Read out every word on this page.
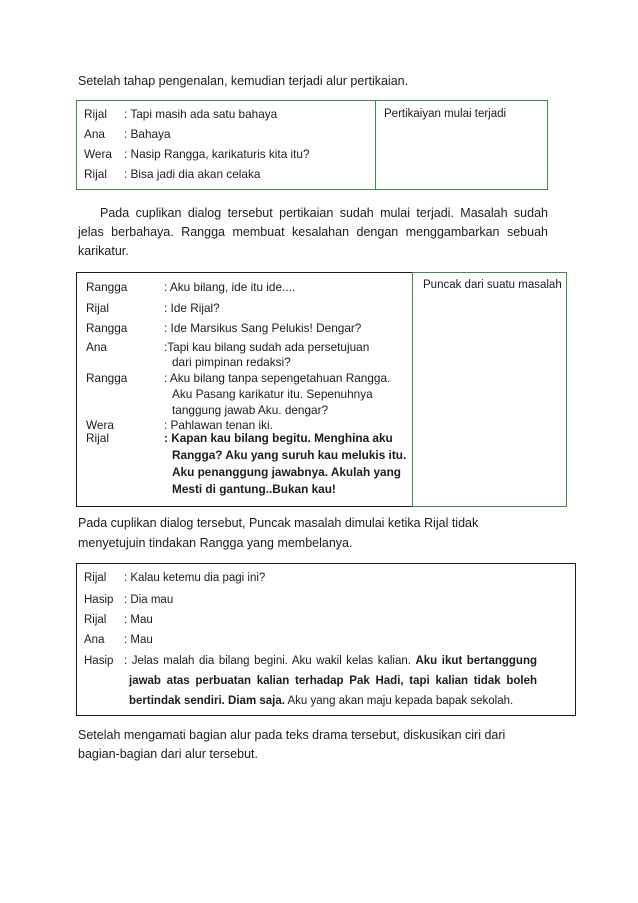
Setelah tahap pengenalan, kemudian terjadi alur pertikaian.

Rijal : Tapi masih ada satu bahaya
Ana : Bahaya
Wera : Nasip Rangga, karikaturis kita itu?
Rijal : Bisa jadi dia akan celaka
Pertikaiyan mulai terjadi

Pada cuplikan dialog tersebut pertikaian sudah mulai terjadi. Masalah sudah

jelas berbahaya. Rangga membuat kesalahan dengan menggambarkan sebuah

karikatur.

Rangga	: Aku bilang, ide itu ide....
Rijal	: Ide Rijal?
Rangga	: Ide Marsikus Sang Pelukis! Dengar?
Ana	:Tapi kau bilang sudah ada persetujuan
dari pimpinan redaksi?
Rangga	: Aku bilang tanpa sepengetahuan Rangga.
Aku Pasang karikatur itu. Sepenuhnya
tanggung jawab Aku. dengar?
Wera	: Pahlawan tenan iki.
Rijal	: Kapan kau bilang begitu. Menghina aku
Rangga? Aku yang suruh kau melukis itu.
Aku penanggung jawabnya. Akulah yang
Mesti di gantung..Bukan kau!
Puncak dari suatu masalah

Pada cuplikan dialog tersebut, Puncak masalah dimulai ketika Rijal tidak

menyetujuin tindakan Rangga yang membelanya.

Rijal : Kalau ketemu dia pagi ini?
Hasip : Dia mau
Rijal : Mau
Ana : Mau
Hasip : Jelas malah dia bilang begini. Aku wakil kelas kalian. Aku ikut bertanggung
jawab atas perbuatan kalian terhadap Pak Hadi, tapi kalian tidak boleh
bertindak sendiri. Diam saja. Aku yang akan maju kepada bapak sekolah.

Setelah mengamati bagian alur pada teks drama tersebut, diskusikan ciri dari

bagian-bagian dari alur tersebut.
